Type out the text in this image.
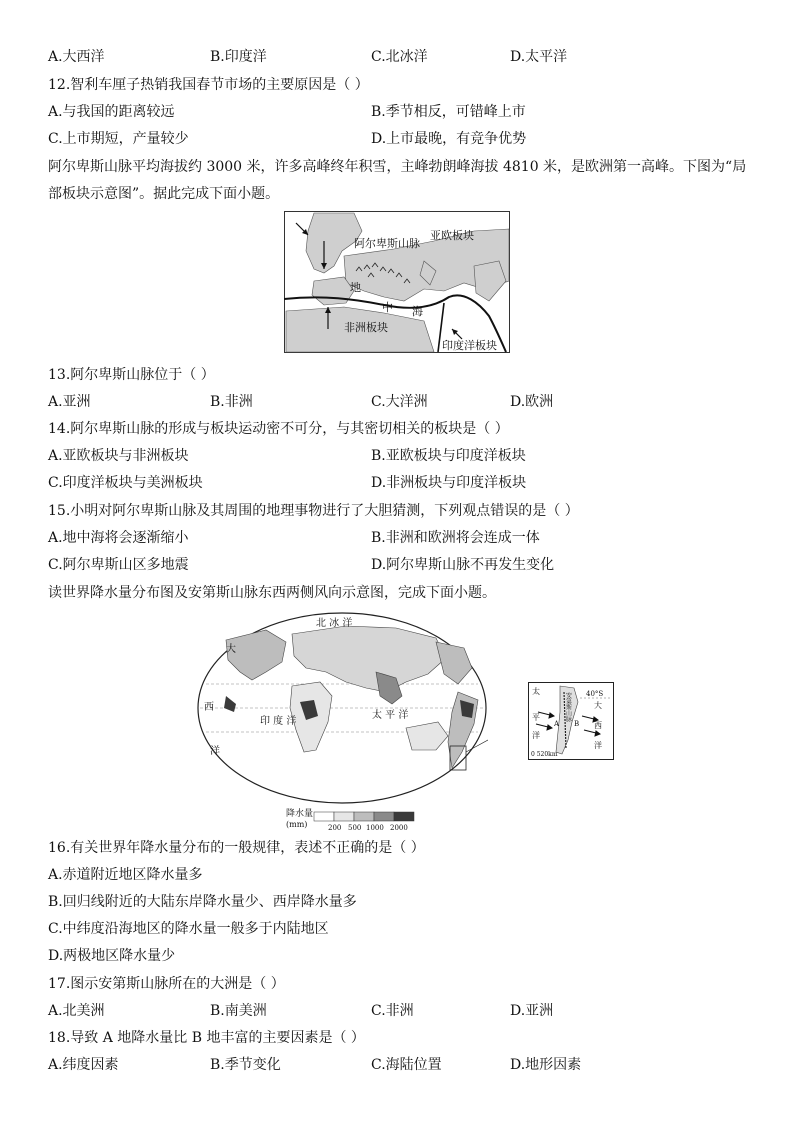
A.大西洋	B.印度洋	C.北冰洋	D.太平洋
12.智利车厘子热销我国春节市场的主要原因是（ ）
A.与我国的距离较远	B.季节相反，可错峰上市
C.上市期短，产量较少	D.上市最晚，有竞争优势
阿尔卑斯山脉平均海拔约 3000 米，许多高峰终年积雪，主峰勃朗峰海拔 4810 米，是欧洲第一高峰。下图为“局
部板块示意图”。据此完成下面小题。
阿尔卑斯山脉
亚欧板块
地
中 海
非洲板块
印度洋板块
13.阿尔卑斯山脉位于（ ）
A.亚洲	B.非洲	C.大洋洲	D.欧洲
14.阿尔卑斯山脉的形成与板块运动密不可分，与其密切相关的板块是（ ）
A.亚欧板块与非洲板块	B.亚欧板块与印度洋板块
C.印度洋板块与美洲板块	D.非洲板块与印度洋板块
15.小明对阿尔卑斯山脉及其周围的地理事物进行了大胆猜测，下列观点错误的是（ ）
A.地中海将会逐渐缩小	B.非洲和欧洲将会连成一体
C.阿尔卑斯山区多地震	D.阿尔卑斯山脉不再发生变化
读世界降水量分布图及安第斯山脉东西两侧风向示意图，完成下面小题。
北 冰 洋
太 平 洋
印 度 洋
西
洋
大
降水量
(mm)	200 500 1000 2000
太
平
洋
大
西
洋
40°S
A B
安第斯山脉
0 520km
16.有关世界年降水量分布的一般规律，表述不正确的是（ ）
A.赤道附近地区降水量多
B.回归线附近的大陆东岸降水量少、西岸降水量多
C.中纬度沿海地区的降水量一般多于内陆地区
D.两极地区降水量少
17.图示安第斯山脉所在的大洲是（ ）
A.北美洲	B.南美洲	C.非洲	D.亚洲
18.导致 A 地降水量比 B 地丰富的主要因素是（ ）
A.纬度因素	B.季节变化	C.海陆位置	D.地形因素
